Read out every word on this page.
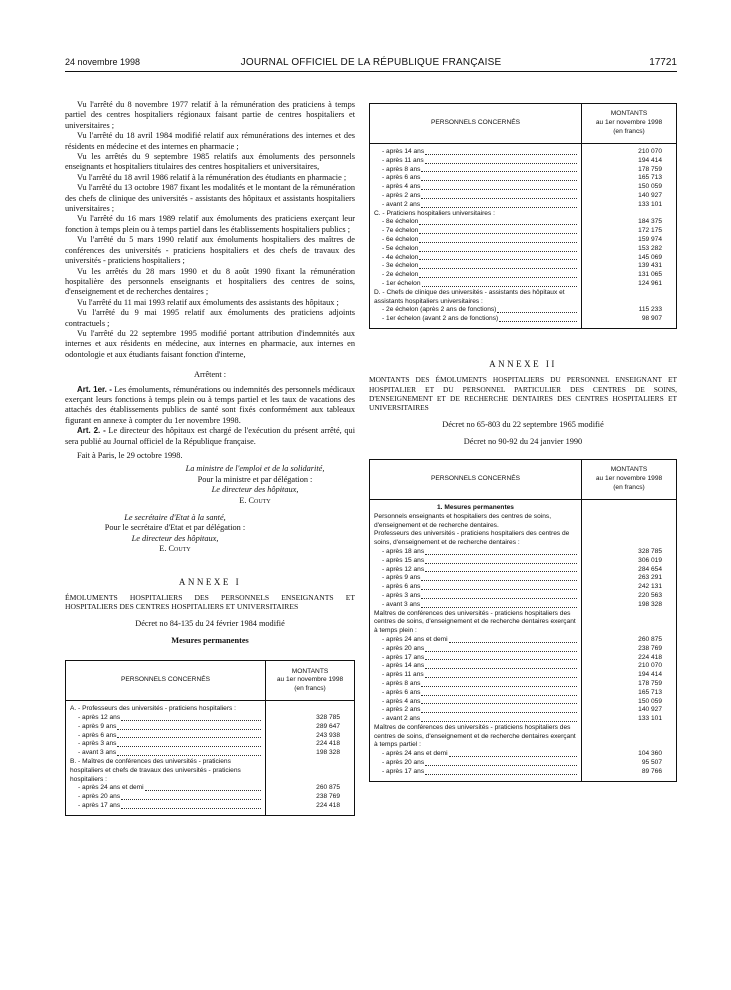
24 novembre 1998	JOURNAL OFFICIEL DE LA RÉPUBLIQUE FRANÇAISE	17721

Vu l'arrêté du 8 novembre 1977 relatif à la rémunération des praticiens à temps partiel des centres hospitaliers régionaux faisant partie de centres hospitaliers et universitaires ;

Vu l'arrêté du 18 avril 1984 modifié relatif aux rémunérations des internes et des résidents en médecine et des internes en pharmacie ;

Vu les arrêtés du 9 septembre 1985 relatifs aux émoluments des personnels enseignants et hospitaliers titulaires des centres hospitaliers et universitaires,

Vu l'arrêté du 18 avril 1986 relatif à la rémunération des étudiants en pharmacie ;

Vu l'arrêté du 13 octobre 1987 fixant les modalités et le montant de la rémunération des chefs de clinique des universités - assistants des hôpitaux et assistants hospitaliers universitaires ;

Vu l'arrêté du 16 mars 1989 relatif aux émoluments des praticiens exerçant leur fonction à temps plein ou à temps partiel dans les établissements hospitaliers publics ;

Vu l'arrêté du 5 mars 1990 relatif aux émoluments hospitaliers des maîtres de conférences des universités - praticiens hospitaliers et des chefs de travaux des universités - praticiens hospitaliers ;

Vu les arrêtés du 28 mars 1990 et du 8 août 1990 fixant la rémunération hospitalière des personnels enseignants et hospitaliers des centres de soins, d'enseignement et de recherches dentaires ;

Vu l'arrêté du 11 mai 1993 relatif aux émoluments des assistants des hôpitaux ;

Vu l'arrêté du 9 mai 1995 relatif aux émoluments des praticiens adjoints contractuels ;

Vu l'arrêté du 22 septembre 1995 modifié portant attribution d'indemnités aux internes et aux résidents en médecine, aux internes en pharmacie, aux internes en odontologie et aux étudiants faisant fonction d'interne,

Arrêtent :

Art. 1er. - Les émoluments, rémunérations ou indemnités des personnels médicaux exerçant leurs fonctions à temps plein ou à temps partiel et les taux de vacations des attachés des établissements publics de santé sont fixés conformément aux tableaux figurant en annexe à compter du 1er novembre 1998.

Art. 2. - Le directeur des hôpitaux est chargé de l'exécution du présent arrêté, qui sera publié au Journal officiel de la République française.

Fait à Paris, le 29 octobre 1998.

La ministre de l'emploi et de la solidarité,

Pour la ministre et par délégation :

Le directeur des hôpitaux,

E. Couty

Le secrétaire d'Etat à la santé,

Pour le secrétaire d'Etat et par délégation :

Le directeur des hôpitaux,

E. Couty

ANNEXE I

ÉMOLUMENTS HOSPITALIERS DES PERSONNELS ENSEIGNANTS ET HOSPITALIERS DES CENTRES HOSPITALIERS ET UNIVERSITAIRES

Décret no 84-135 du 24 février 1984 modifié

Mesures permanentes

PERSONNELS CONCERNÉS	MONTANTS
au 1er novembre 1998
(en francs)

A. - Professeurs des universités - praticiens hospitaliers :	

- après 12 ans	328 785

- après 9 ans	289 647

- après 6 ans	243 938

- après 3 ans	224 418

- avant 3 ans	198 328
B. - Maîtres de conférences des universités - praticiens hospitaliers et chefs de travaux des universités - praticiens hospitaliers :	

- après 24 ans et demi	260 875

- après 20 ans	238 769

- après 17 ans	224 418

PERSONNELS CONCERNÉS	MONTANTS
au 1er novembre 1998
(en francs)

- après 14 ans	210 070

- après 11 ans	194 414

- après 8 ans	178 759

- après 6 ans	165 713

- après 4 ans	150 059

- après 2 ans	140 927

- avant 2 ans	133 101
C. - Praticiens hospitaliers universitaires :	

- 8e échelon	184 375

- 7e échelon	172 175

- 6e échelon	159 974

- 5e échelon	153 282

- 4e échelon	145 069

- 3e échelon	139 431

- 2e échelon	131 065

- 1er échelon	124 961
D. - Chefs de clinique des universités - assistants des hôpitaux et assistants hospitaliers universitaires :	

- 2e échelon (après 2 ans de fonctions)	115 233

- 1er échelon (avant 2 ans de fonctions)	98 907

ANNEXE II

MONTANTS DES ÉMOLUMENTS HOSPITALIERS DU PERSONNEL ENSEIGNANT ET HOSPITALIER ET DU PERSONNEL PARTICULIER DES CENTRES DE SOINS, D'ENSEIGNEMENT ET DE RECHERCHE DENTAIRES DES CENTRES HOSPITALIERS ET UNIVERSITAIRES

Décret no 65-803 du 22 septembre 1965 modifié

Décret no 90-92 du 24 janvier 1990

PERSONNELS CONCERNÉS	MONTANTS
au 1er novembre 1998
(en francs)

1. Mesures permanentes	
Personnels enseignants et hospitaliers des centres de soins, d'enseignement et de recherche dentaires.	
Professeurs des universités - praticiens hospitaliers des centres de soins, d'enseignement et de recherche dentaires :	

- après 18 ans	328 785

- après 15 ans	306 019

- après 12 ans	284 654

- après 9 ans	263 291

- après 6 ans	242 131

- après 3 ans	220 563

- avant 3 ans	198 328
Maîtres de conférences des universités - praticiens hospitaliers des centres de soins, d'enseignement et de recherche dentaires exerçant à temps plein :	

- après 24 ans et demi	260 875

- après 20 ans	238 769

- après 17 ans	224 418

- après 14 ans	210 070

- après 11 ans	194 414

- après 8 ans	178 759

- après 6 ans	165 713

- après 4 ans	150 059

- après 2 ans	140 927

- avant 2 ans	133 101
Maîtres de conférences des universités - praticiens hospitaliers des centres de soins, d'enseignement et de recherche dentaires exerçant à temps partiel :	

- après 24 ans et demi	104 360

- après 20 ans	95 507

- après 17 ans	89 766
